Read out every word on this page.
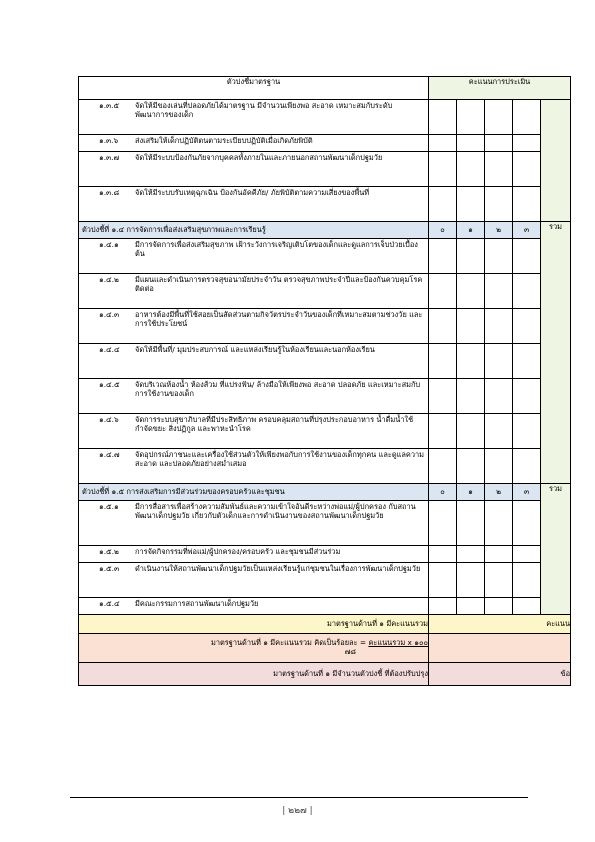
ตัวบ่งชี้มาตรฐาน	คะแนนการประเมิน				

๑.๓.๕ จัดให้มีของเล่นที่ปลอดภัยได้มาตรฐาน มีจำนวนเพียงพอ สะอาด เหมาะสมกับระดับพัฒนาการของเด็ก					

๑.๓.๖ ส่งเสริมให้เด็กปฏิบัติตนตามระเบียบปฏิบัติเมื่อเกิดภัยพิบัติ					

๑.๓.๗ จัดให้มีระบบป้องกันภัยจากบุคคลทั้งภายในและภายนอกสถานพัฒนาเด็กปฐมวัย					

๑.๓.๘ จัดให้มีระบบรับเหตุฉุกเฉิน ป้องกันอัคคีภัย/ ภัยพิบัติตามความเสี่ยงของพื้นที่					

ตัวบ่งชี้ที่ ๑.๔ การจัดการเพื่อส่งเสริมสุขภาพและการเรียนรู้	๐	๑	๒	๓	รวม

๑.๔.๑ มีการจัดการเพื่อส่งเสริมสุขภาพ เฝ้าระวังการเจริญเติบโตของเด็กและดูแลการเจ็บป่วยเบื้องต้น					

๑.๔.๒ มีแผนและดำเนินการตรวจสุขอนามัยประจำวัน ตรวจสุขภาพประจำปีและป้องกันควบคุมโรคติดต่อ					

๑.๔.๓ อาหารต้องมีพื้นที่ใช้สอยเป็นสัดส่วนตามกิจวัตรประจำวันของเด็กที่เหมาะสมตามช่วงวัย และการใช้ประโยชน์					

๑.๔.๔ จัดให้มีพื้นที่/ มุมประสบการณ์ และแหล่งเรียนรู้ในห้องเรียนและนอกห้องเรียน					

๑.๔.๕ จัดบริเวณห้องน้ำ ห้องส้วม ที่แปรงฟัน/ ล้างมือให้เพียงพอ สะอาด ปลอดภัย และเหมาะสมกับการใช้งานของเด็ก					

๑.๔.๖ จัดการระบบสุขาภิบาลที่มีประสิทธิภาพ ครอบคลุมสถานที่ปรุงประกอบอาหาร น้ำดื่มน้ำใช้ กำจัดขยะ สิ่งปฏิกูล และพาหะนำโรค					

๑.๔.๗ จัดอุปกรณ์ภาชนะและเครื่องใช้ส่วนตัวให้เพียงพอกับการใช้งานของเด็กทุกคน และดูแลความสะอาด และปลอดภัยอย่างสม่ำเสมอ					

ตัวบ่งชี้ที่ ๑.๕ การส่งเสริมการมีส่วนร่วมของครอบครัวและชุมชน	๐	๑	๒	๓	รวม

๑.๕.๑ มีการสื่อสารเพื่อสร้างความสัมพันธ์และความเข้าใจอันดีระหว่างพ่อแม่/ผู้ปกครอง กับสถานพัฒนาเด็กปฐมวัย เกี่ยวกับตัวเด็กและการดำเนินงานของสถานพัฒนาเด็กปฐมวัย					

๑.๕.๒ การจัดกิจกรรมที่พ่อแม่/ผู้ปกครอง/ครอบครัว และชุมชนมีส่วนร่วม					

๑.๕.๓ ดำเนินงานให้สถานพัฒนาเด็กปฐมวัยเป็นแหล่งเรียนรู้แก่ชุมชนในเรื่องการพัฒนาเด็กปฐมวัย					

๑.๕.๔ มีคณะกรรมการสถานพัฒนาเด็กปฐมวัย					

มาตรฐานด้านที่ ๑ มีคะแนนรวม	คะแนน				
มาตรฐานด้านที่ ๑ มีคะแนนรวม คิดเป็นร้อยละ = คะแนนรวม x ๑๐๐
๗๘					

มาตรฐานด้านที่ ๑ มีจำนวนตัวบ่งชี้ ที่ต้องปรับปรุง	ข้อ				
| ๒๒๗ |
